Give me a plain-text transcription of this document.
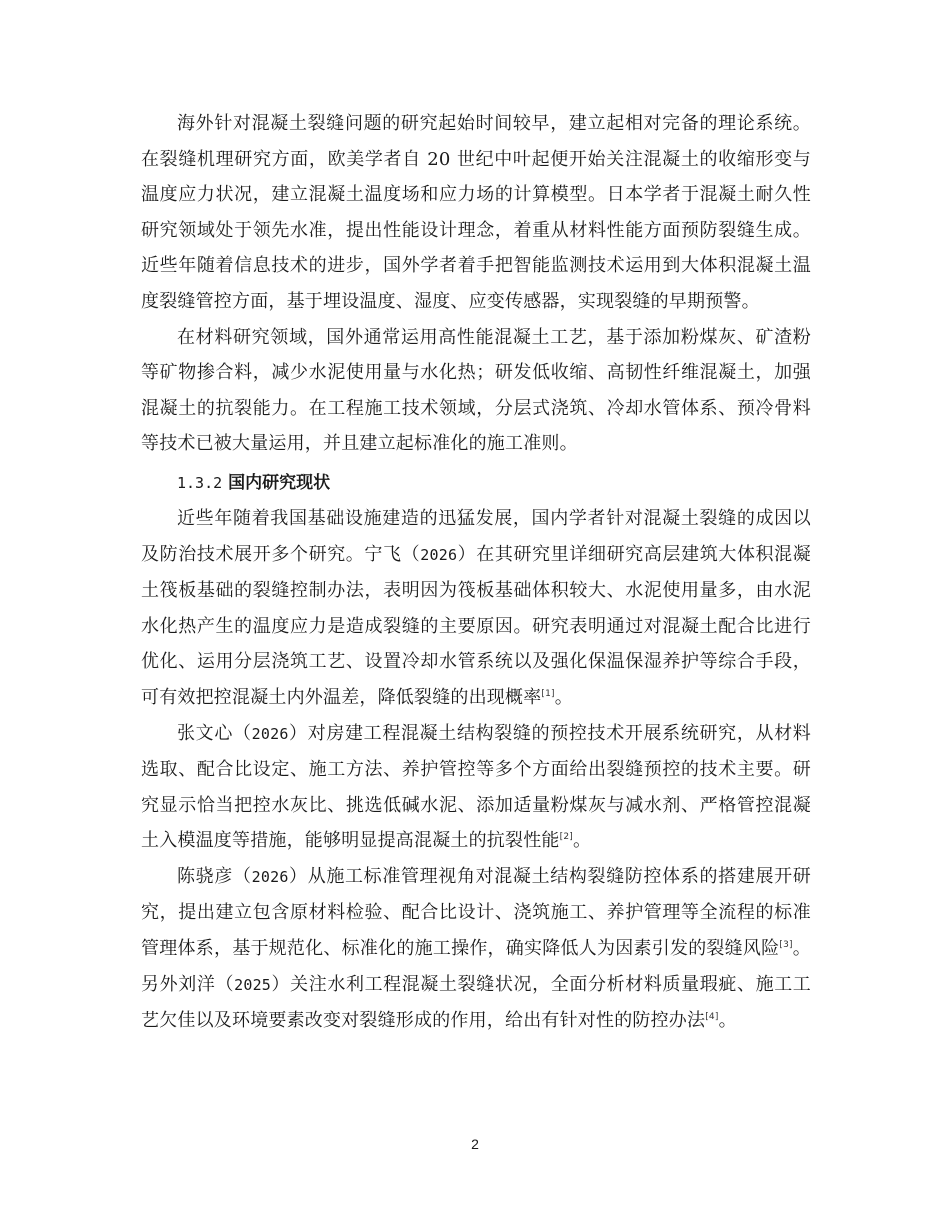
海外针对混凝土裂缝问题的研究起始时间较早，建立起相对完备的理论系统。在裂缝机理研究方面，欧美学者自 20 世纪中叶起便开始关注混凝土的收缩形变与温度应力状况，建立混凝土温度场和应力场的计算模型。日本学者于混凝土耐久性研究领域处于领先水准，提出性能设计理念，着重从材料性能方面预防裂缝生成。近些年随着信息技术的进步，国外学者着手把智能监测技术运用到大体积混凝土温度裂缝管控方面，基于埋设温度、湿度、应变传感器，实现裂缝的早期预警。

在材料研究领域，国外通常运用高性能混凝土工艺，基于添加粉煤灰、矿渣粉等矿物掺合料，减少水泥使用量与水化热；研发低收缩、高韧性纤维混凝土，加强混凝土的抗裂能力。在工程施工技术领域，分层式浇筑、冷却水管体系、预冷骨料等技术已被大量运用，并且建立起标准化的施工准则。

1.3.2 国内研究现状

近些年随着我国基础设施建造的迅猛发展，国内学者针对混凝土裂缝的成因以及防治技术展开多个研究。宁飞（2026）在其研究里详细研究高层建筑大体积混凝土筏板基础的裂缝控制办法，表明因为筏板基础体积较大、水泥使用量多，由水泥水化热产生的温度应力是造成裂缝的主要原因。研究表明通过对混凝土配合比进行优化、运用分层浇筑工艺、设置冷却水管系统以及强化保温保湿养护等综合手段，可有效把控混凝土内外温差，降低裂缝的出现概率[1]。

张文心（2026）对房建工程混凝土结构裂缝的预控技术开展系统研究，从材料选取、配合比设定、施工方法、养护管控等多个方面给出裂缝预控的技术主要。研究显示恰当把控水灰比、挑选低碱水泥、添加适量粉煤灰与减水剂、严格管控混凝土入模温度等措施，能够明显提高混凝土的抗裂性能[2]。

陈骁彦（2026）从施工标准管理视角对混凝土结构裂缝防控体系的搭建展开研究，提出建立包含原材料检验、配合比设计、浇筑施工、养护管理等全流程的标准管理体系，基于规范化、标准化的施工操作，确实降低人为因素引发的裂缝风险[3]。另外刘洋（2025）关注水利工程混凝土裂缝状况，全面分析材料质量瑕疵、施工工艺欠佳以及环境要素改变对裂缝形成的作用，给出有针对性的防控办法[4]。

2
